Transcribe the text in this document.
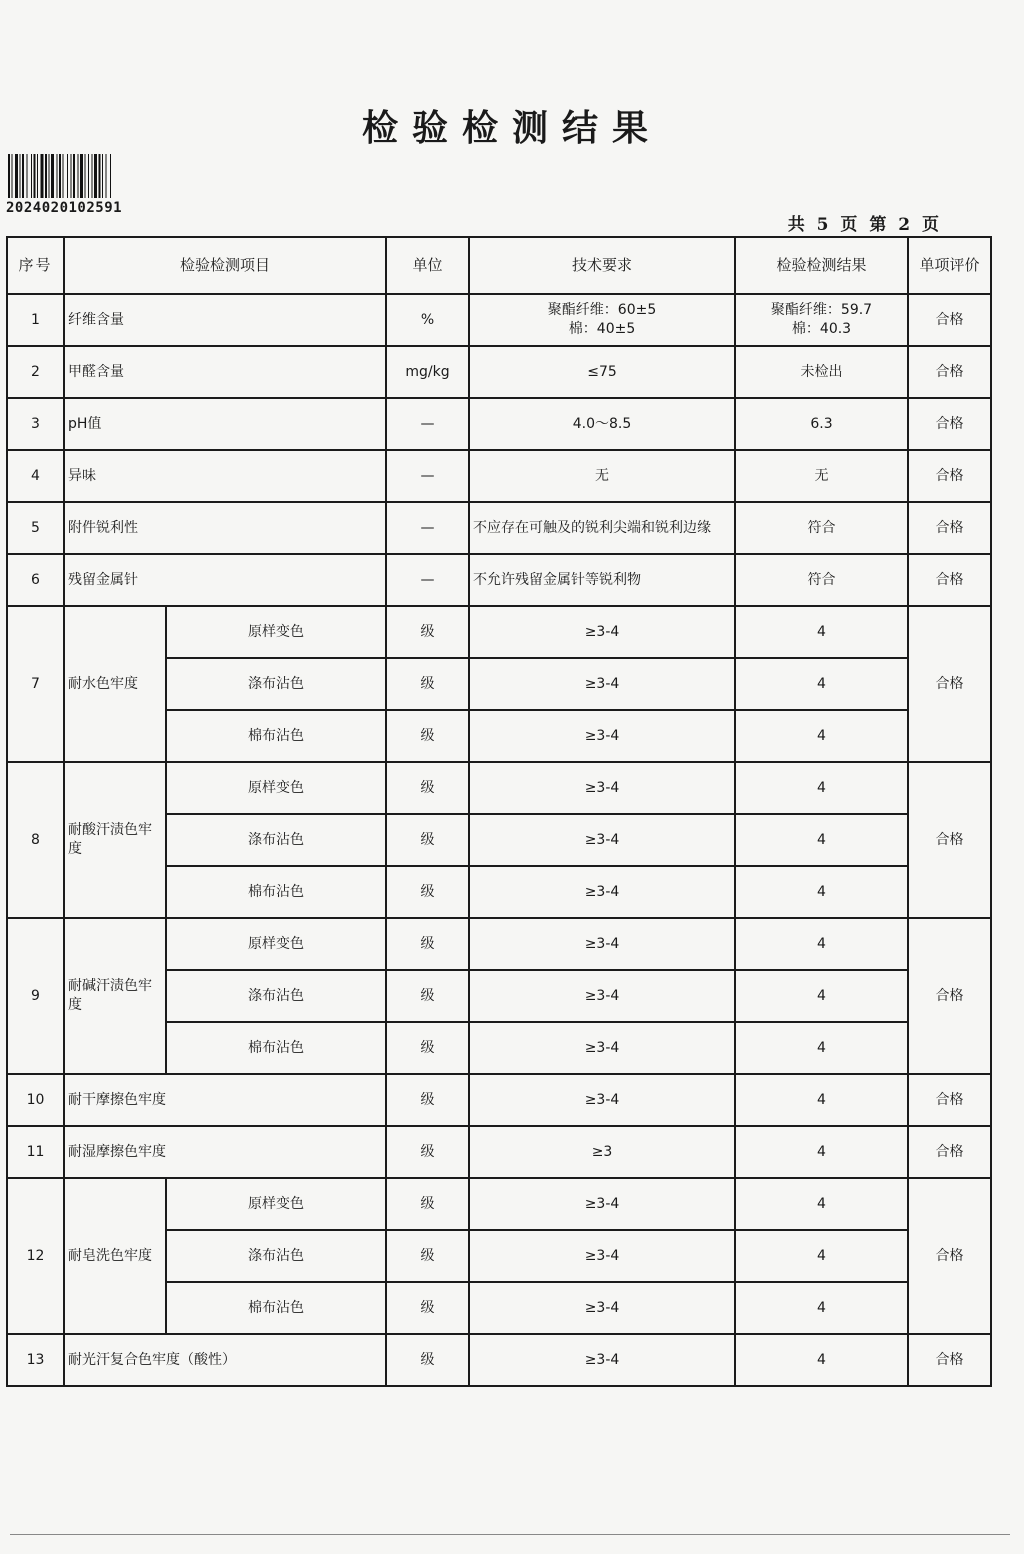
检验检测结果
2024020102591
共 5 页 第 2 页
序号	检验检测项目		单位	技术要求	检验检测结果	单项评价
1	纤维含量		%	聚酯纤维：60±5
棉：40±5	聚酯纤维：59.7
棉：40.3	合格
2	甲醛含量		mg/kg	≤75	未检出	合格
3	pH值		—	4.0～8.5	6.3	合格
4	异味		—	无	无	合格
5	附件锐利性		—	不应存在可触及的锐利尖端和锐利边缘	符合	合格
6	残留金属针		—	不允许残留金属针等锐利物	符合	合格
7	耐水色牢度	原样变色	级	≥3-4	4	合格
		涤布沾色	级	≥3-4	4	
		棉布沾色	级	≥3-4	4	
8	耐酸汗渍色牢度	原样变色	级	≥3-4	4	合格
		涤布沾色	级	≥3-4	4	
		棉布沾色	级	≥3-4	4	
9	耐碱汗渍色牢度	原样变色	级	≥3-4	4	合格
		涤布沾色	级	≥3-4	4	
		棉布沾色	级	≥3-4	4	
10	耐干摩擦色牢度		级	≥3-4	4	合格
11	耐湿摩擦色牢度		级	≥3	4	合格
12	耐皂洗色牢度	原样变色	级	≥3-4	4	合格
		涤布沾色	级	≥3-4	4	
		棉布沾色	级	≥3-4	4	
13	耐光汗复合色牢度（酸性）		级	≥3-4	4	合格
